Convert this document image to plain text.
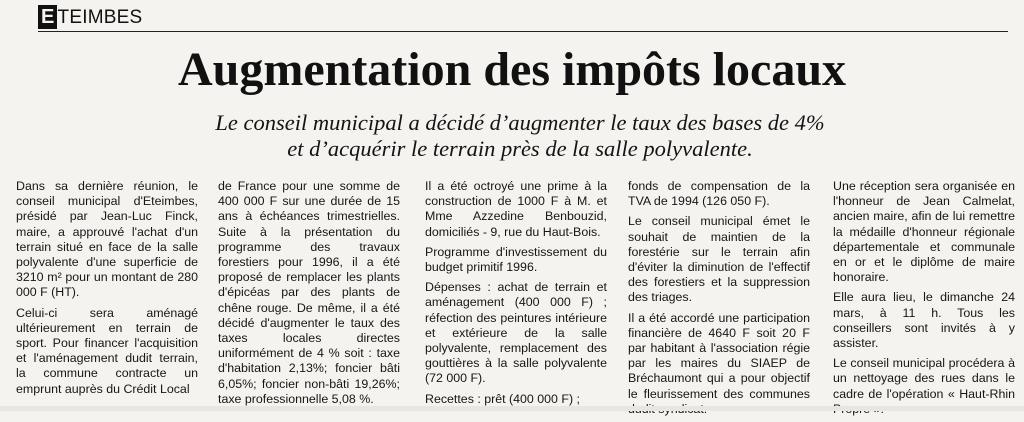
E TEIMBES
Augmentation des impôts locaux
Le conseil municipal a décidé d’augmenter le taux des bases de 4%
et d’acquérir le terrain près de la salle polyvalente.

Dans sa dernière réunion, le conseil municipal d'Eteimbes, présidé par Jean-Luc Finck, maire, a approuvé l'achat d'un terrain situé en face de la salle polyvalente d'une superficie de 3210 m² pour un montant de 280 000 F (HT).

Celui-ci sera aménagé ultérieurement en terrain de sport. Pour financer l'acquisition et l'aménagement dudit terrain, la commune contracte un emprunt auprès du Crédit Local

de France pour une somme de 400 000 F sur une durée de 15 ans à échéances trimestrielles. Suite à la présentation du programme des travaux forestiers pour 1996, il a été proposé de remplacer les plants d'épicéas par des plants de chêne rouge. De même, il a été décidé d'augmenter le taux des taxes locales directes uniformément de 4 % soit : taxe d'habitation 2,13%; foncier bâti 6,05%; foncier non-bâti 19,26%; taxe professionnelle 5,08 %.

Il a été octroyé une prime à la construction de 1000 F à M. et Mme Azzedine Benbouzid, domiciliés - 9, rue du Haut-Bois.

Programme d'investissement du budget primitif 1996.

Dépenses : achat de terrain et aménagement (400 000 F) ; réfection des peintures intérieure et extérieure de la salle polyvalente, remplacement des gouttières à la salle polyvalente (72 000 F).

Recettes : prêt (400 000 F) ;

fonds de compensation de la TVA de 1994 (126 050 F).

Le conseil municipal émet le souhait de maintien de la forestérie sur le terrain afin d'éviter la diminution de l'effectif des forestiers et la suppression des triages.

Il a été accordé une participation financière de 4640 F soit 20 F par habitant à l'association régie par les maires du SIAEP de Bréchaumont qui a pour objectif le fleurissement des communes

Une réception sera organisée en l'honneur de Jean Calmelat, ancien maire, afin de lui remettre la médaille d'honneur régionale départementale et communale en or et le diplôme de maire honoraire.

Elle aura lieu, le dimanche 24 mars, à 11 h. Tous les conseillers sont invités à y assister.

Le conseil municipal procédera à un nettoyage des rues dans le cadre de l'opération « Haut-Rhin
